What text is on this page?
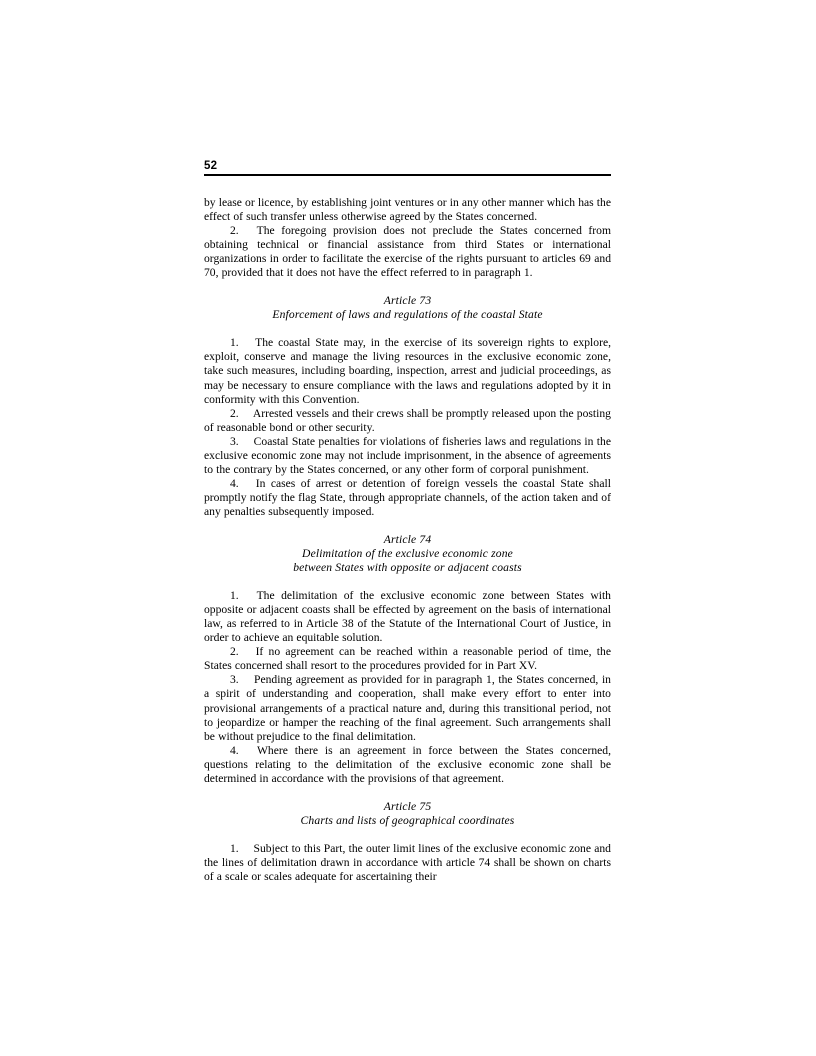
52

by lease or licence, by establishing joint ventures or in any other manner which has the effect of such transfer unless otherwise agreed by the States concerned.

2.  The foregoing provision does not preclude the States concerned from obtaining technical or financial assistance from third States or international organizations in order to facilitate the exercise of the rights pursuant to articles 69 and 70, provided that it does not have the effect referred to in paragraph 1.

Article 73
Enforcement of laws and regulations of the coastal State

1.  The coastal State may, in the exercise of its sovereign rights to explore, exploit, conserve and manage the living resources in the exclusive economic zone, take such measures, including boarding, inspection, arrest and judicial proceedings, as may be necessary to ensure compliance with the laws and regulations adopted by it in conformity with this Convention.

2.  Arrested vessels and their crews shall be promptly released upon the posting of reasonable bond or other security.

3.  Coastal State penalties for violations of fisheries laws and regulations in the exclusive economic zone may not include imprisonment, in the absence of agreements to the contrary by the States concerned, or any other form of corporal punishment.

4.  In cases of arrest or detention of foreign vessels the coastal State shall promptly notify the flag State, through appropriate channels, of the action taken and of any penalties subsequently imposed.

Article 74
Delimitation of the exclusive economic zone
between States with opposite or adjacent coasts

1.  The delimitation of the exclusive economic zone between States with opposite or adjacent coasts shall be effected by agreement on the basis of international law, as referred to in Article 38 of the Statute of the International Court of Justice, in order to achieve an equitable solution.

2.  If no agreement can be reached within a reasonable period of time, the States concerned shall resort to the procedures provided for in Part XV.

3.  Pending agreement as provided for in paragraph 1, the States concerned, in a spirit of understanding and cooperation, shall make every effort to enter into provisional arrangements of a practical nature and, during this transitional period, not to jeopardize or hamper the reaching of the final agreement. Such arrangements shall be without prejudice to the final delimitation.

4.  Where there is an agreement in force between the States concerned, questions relating to the delimitation of the exclusive economic zone shall be determined in accordance with the provisions of that agreement.

Article 75
Charts and lists of geographical coordinates

1.  Subject to this Part, the outer limit lines of the exclusive economic zone and the lines of delimitation drawn in accordance with article 74 shall be shown on charts of a scale or scales adequate for ascertaining their
